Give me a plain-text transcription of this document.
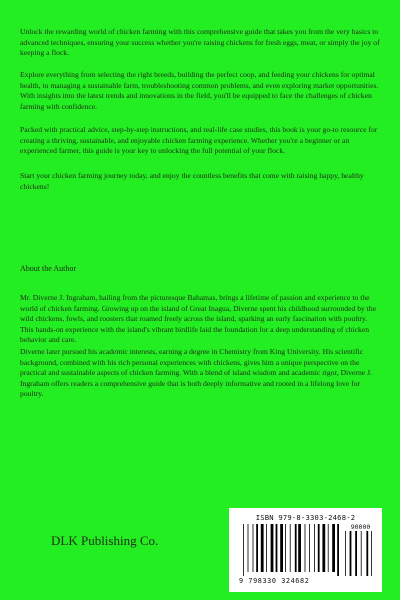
Unlock the rewarding world of chicken farming with this comprehensive guide that takes you from the very basics to advanced techniques, ensuring your success whether you're raising chickens for fresh eggs, meat, or simply the joy of keeping a flock.

Explore everything from selecting the right breeds, building the perfect coop, and feeding your chickens for optimal health, to managing a sustainable farm, troubleshooting common problems, and even exploring market opportunities. With insights into the latest trends and innovations in the field, you'll be equipped to face the challenges of chicken farming with confidence.

Packed with practical advice, step-by-step instructions, and real-life case studies, this book is your go-to resource for creating a thriving, sustainable, and enjoyable chicken farming experience. Whether you're a beginner or an experienced farmer, this guide is your key to unlocking the full potential of your flock.

Start your chicken farming journey today, and enjoy the countless benefits that come with raising happy, healthy chickens!

About the Author

Mr. Diverne J. Ingraham, hailing from the picturesque Bahamas, brings a lifetime of passion and experience to the world of chicken farming. Growing up on the island of Great Inagua, Diverne spent his childhood surrounded by the wild chickens, fowls, and roosters that roamed freely across the island, sparking an early fascination with poultry. This hands-on experience with the island's vibrant birdlife laid the foundation for a deep understanding of chicken behavior and care.

Diverne later pursued his academic interests, earning a degree in Chemistry from King University. His scientific background, combined with his rich personal experiences with chickens, gives him a unique perspective on the practical and sustainable aspects of chicken farming. With a blend of island wisdom and academic rigor, Diverne J. Ingraham offers readers a comprehensive guide that is both deeply informative and rooted in a lifelong love for poultry.

DLK Publishing Co.
ISBN 979-8-3303-2468-2
90000
9 798330 324682
